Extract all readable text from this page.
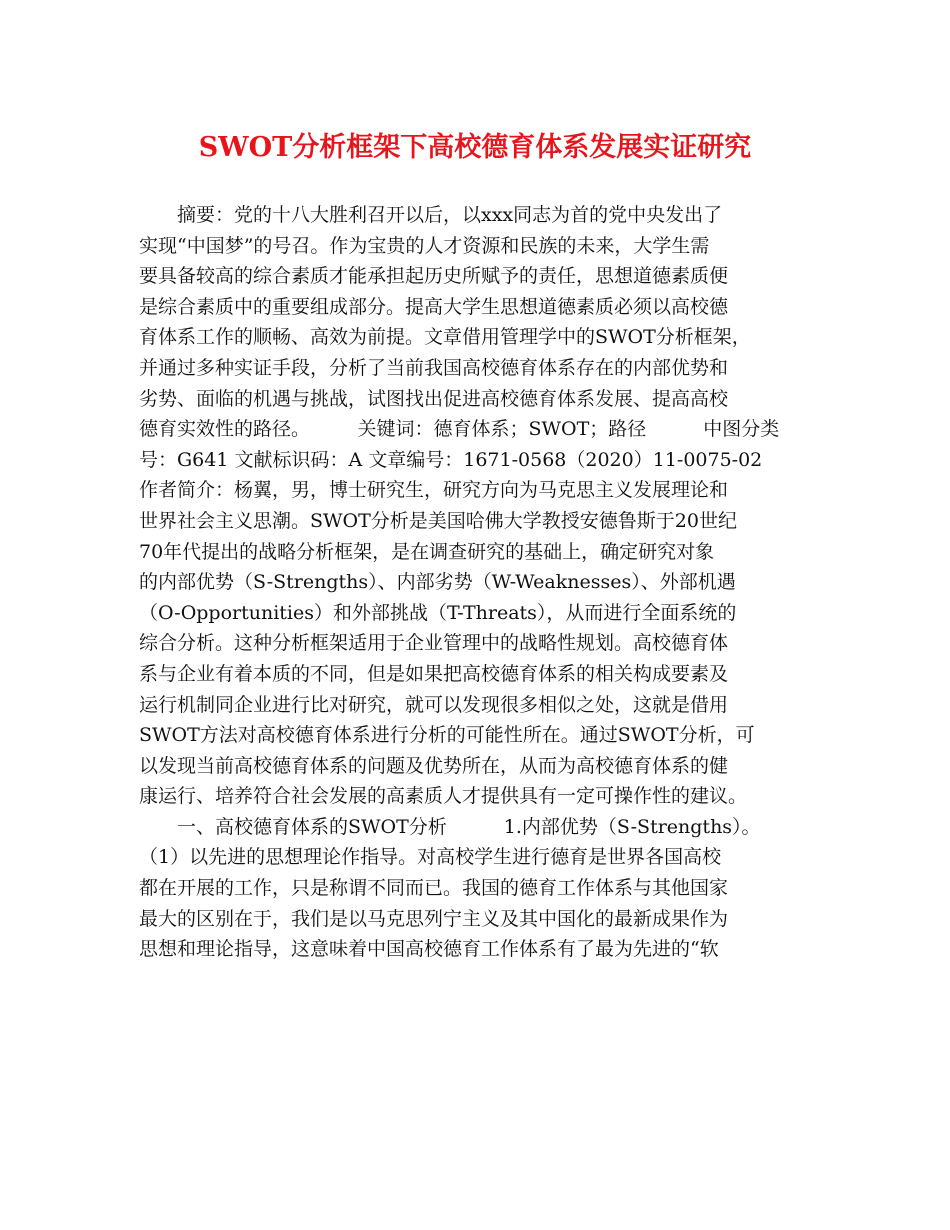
SWOT分析框架下高校德育体系发展实证研究
　　摘要：党的十八大胜利召开以后，以xxx同志为首的党中央发出了
实现“中国梦”的号召。作为宝贵的人才资源和民族的未来，大学生需
要具备较高的综合素质才能承担起历史所赋予的责任，思想道德素质便
是综合素质中的重要组成部分。提高大学生思想道德素质必须以高校德
育体系工作的顺畅、高效为前提。文章借用管理学中的SWOT分析框架，
并通过多种实证手段，分析了当前我国高校德育体系存在的内部优势和
劣势、面临的机遇与挑战，试图找出促进高校德育体系发展、提高高校
德育实效性的路径。　　　关键词：德育体系；SWOT；路径　　　中图分类
号：G641 文献标识码：A 文章编号：1671-0568（2020）11-0075-02
作者简介：杨翼，男，博士研究生，研究方向为马克思主义发展理论和
世界社会主义思潮。SWOT分析是美国哈佛大学教授安德鲁斯于20世纪
70年代提出的战略分析框架，是在调查研究的基础上，确定研究对象
的内部优势（S-Strengths）、内部劣势（W-Weaknesses）、外部机遇
（O-Opportunities）和外部挑战（T-Threats），从而进行全面系统的
综合分析。这种分析框架适用于企业管理中的战略性规划。高校德育体
系与企业有着本质的不同，但是如果把高校德育体系的相关构成要素及
运行机制同企业进行比对研究，就可以发现很多相似之处，这就是借用
SWOT方法对高校德育体系进行分析的可能性所在。通过SWOT分析，可
以发现当前高校德育体系的问题及优势所在，从而为高校德育体系的健
康运行、培养符合社会发展的高素质人才提供具有一定可操作性的建议。
　　一、高校德育体系的SWOT分析　　　1.内部优势（S-Strengths）。
（1）以先进的思想理论作指导。对高校学生进行德育是世界各国高校
都在开展的工作，只是称谓不同而已。我国的德育工作体系与其他国家
最大的区别在于，我们是以马克思列宁主义及其中国化的最新成果作为
思想和理论指导，这意味着中国高校德育工作体系有了最为先进的“软
